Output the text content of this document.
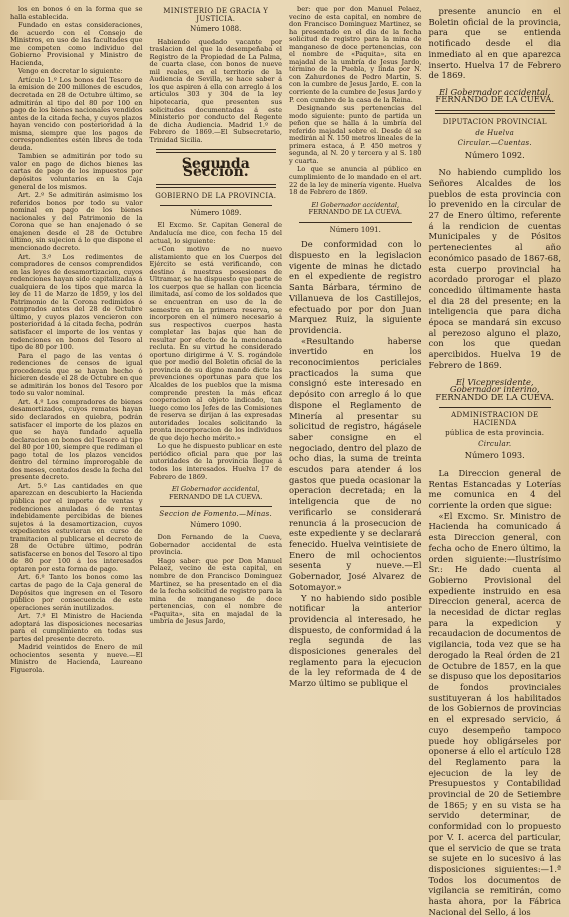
los en bonos ó en la forma que se halla establecida.

Fundado en estas consideraciones, de acuerdo con el Consejo de Ministros, en uso de las facultades que me competen como individuo del Gobierno Provisional y Ministro de Hacienda,

Vengo en decretar lo siguiente:

Artículo 1.º Los bonos del Tesoro de la emision de 200 millones de escudos, decretada en 28 de Octubre último, se admitirán al tipo del 80 por 100 en pago de los bienes nacionales vendidos antes de la citada fecha, y cuyos plazos hayan vencido con posterioridad á la misma, siempre que los pagos de correspondientes estén libres de toda deuda.

Tambien se admitirán por todo su valor en pago de dichos bienes las cartas de pago de los impuestos por depósitos voluntarios en la Caja general de los mismos.

Art. 2.º Se admitirán asimismo los referidos bonos por todo su valor nominal en pago de los bienes nacionales y del Patrimonio de la Corona que se han enajenado ó se enajenen desde el 28 de Octubre último, sin sujecion á lo que dispone el mencionado decreto.

Art. 3.º Los redimentes de compradores de censos comprendidos en las leyes de desamortizacion, cuyos redenciones hayan sido capitalizadas á cualquiera de los tipos que marca la ley de 11 de Marzo de 1859, y los del Patrimonio de la Corona redimidos ó comprados antes del 28 de Octubre último, y cuyos plazos vencieron con posterioridad á la citada fecha, podrán satisfacer el importe de los ventas y redenciones en bonos del Tesoro al tipo de 80 por 100.

Para el pago de las ventas ó redenciones de censos de igual procedencia que se hayan hecho ó hicieren desde el 28 de Octubre en que se admitirán los bonos del Tesoro por todo su valor nominal.

Art. 4.º Los compradores de bienes desamortizados, cuyos remates hayan sido declarados en quiebra, podrán satisfacer el importe de los plazos en que se haya fundado aquella declaracion en bonos del Tesoro al tipo del 80 por 100, siempre que rediman el pago total de los plazos vencidos dentro del término improrogable de dos meses, contados desde la fecha del presente decreto.

Art. 5.º Las cantidades en que aparezcan en descubierto la Hacienda pública por el importe de ventas y redenciones anuladas ó de rentas indebidamente percibidas de bienes sujetos á la desamortizacion, cuyos expedientes estuvieran en curso de tramitacion al publicarse el decreto de 28 de Octubre último, podrán satisfacerse en bonos del Tesoro al tipo de 80 por 100 á los interesados optaren por esta forma de pago.

Art. 6.º Tanto los bonos como las cartas de pago de la Caja general de Depósitos que ingresen en el Tesoro público por consecuencia de este operaciones serán inutilizados.

Art. 7.º El Ministro de Hacienda adoptará las disposiciones necesarias para el cumplimiento en todas sus partes del presente decreto.

Madrid veintidos de Enero de mil ochocientos sesenta y nueve.—El Ministro de Hacienda, Laureano Figuerola.

MINISTERIO DE GRACIA Y JUSTICIA.
Número 1088.

Habiendo quedado vacante por traslacion del que la desempeñaba el Registro de la Propiedad de La Palma, de cuarta clase, con bonos de nueve mil reales, en el territorio de la Audiencia de Sevilla, se hace saber á los que aspiren á ella con arreglo á los artículos 303 y 304 de la ley hipotecaria, que presenten sus solicitudes documentadas á este Ministerio por conducto del Regente de dicha Audiencia. Madrid 1.º de Febrero de 1869.—El Subsecretario, Trinidad Sicilia.

Segunda Seccion.
GOBIERNO DE LA PROVINCIA.
Número 1089.

El Excmo. Sr. Capitan General de Andalucía me dice, con fecha 15 del actual, lo siguiente:

«Con motivo de no nuevo alistamiento que en los Cuerpos del Ejército se está verificando, con destino á nuestras posesiones de Ultramar, se ha dispuesto que parte de los cuerpos que se hallan con licencia ilimitada, así como de los soldados que se encuentran en uso de la de semestre en la primera reserva, se incorporen en el número necesario á sus respectivos cuerpos hasta completar las bajas que han de resultar por efecto de la mencionada recluta. En su virtud he considerado oportuno dirigirme á V. S. rogándole que por medio del Boletin oficial de la provincia de su digno mando dicte las prevenciones oportunas para que los Alcaldes de los pueblos que la misma comprende presten la más eficaz cooperacion al objeto indicado, tan luego como los Jefes de las Comisiones de reserva se dirijan á las expresadas autoridades locales solicitando la pronta incorporacion de los individuos de que dejo hecho mérito.»

Lo que he dispuesto publicar en este periódico oficial para que por las autoridades de la provincia llegue á todos los interesados. Huelva 17 de Febrero de 1869.

El Gobernador accidental,
FERNANDO DE LA CUEVA.
Seccion de Fomento.—Minas.
Número 1090.

Don Fernando de la Cueva, Gobernador accidental de esta provincia.

Hago saber: que por Don Manuel Pelaez, vecino de esta capital, en nombre de don Francisco Dominguez Martinez, se ha presentado en el dia de la fecha solicitud de registro para la mina de manganeso de doce pertenencias, con el nombre de «Paquita», sita en majadal de la umbría de Jesus Jardo,

ber: que por don Manuel Pelaez, vecino de esta capital, en nombre de don Francisco Dominguez Martinez, se ha presentado en el dia de la fecha solicitud de registro para la mina de manganeso de doce pertenencias, con el nombre de «Paquita», sita en majadal de la umbría de Jesus Jardo, término de la Puebla, y linda por N. con Zahurdones de Pedro Martin, S. con la cumbre de Jesus Jardo, E. con la corriente de la cumbre de Jesus Jardo y P. con cumbre de la casa de la Reina.

Designando sus pertenencias del modo siguiente: punto de partida un peñon que se halla á la umbría del referido majadal sobre el. Desde él se medirán al N. 150 metros lineales de la primera estaca, á P. 450 metros y segunda, al N. 20 y tercera y al S. 180 y cuarta.

Lo que se anuncia al público en cumplimiento de lo mandado en el art. 22 de la ley de minería vigente. Huelva 18 de Febrero de 1869.

El Gobernador accidental,
FERNANDO DE LA CUEVA.
Número 1091.

De conformidad con lo dispuesto en la legislacion vigente de minas he dictado en el expediente de registro Santa Bárbara, término de Villanueva de los Castillejos, efectuado por por don Juan Marquez Ruiz, la siguiente providencia.

«Resultando haberse invertido en los reconocimientos periciales practicados la suma que consignó este interesado en depósito con arreglo á lo que dispone el Reglamento de Minería al presentar su solicitud de registro, hágásele saber consigne en el negociado, dentro del plazo de ocho dias, la suma de treinta escudos para atender á los gastos que pueda ocasionar la operacion decretada; en la inteligencia que de no verificarlo se considerará renuncia á la prosecucion de este expediente y se declarará fenecido. Huelva veintisiete de Enero de mil ochocientos sesenta y nueve.—El Gobernador, José Alvarez de Sotomayor.»

Y no habiendo sido posible notificar la anterior providencia al interesado, he dispuesto, de conformidad á la regla segunda de las disposiciones generales del reglamento para la ejecucion de la ley reformada de 4 de Marzo último se publique el

presente anuncio en el Boletin oficial de la provincia, para que se entienda notificado desde el dia inmediato al en que aparezca inserto. Huelva 17 de Febrero de 1869.

El Gobernador accidental,
FERNANDO DE LA CUEVA.
DIPUTACION PROVINCIAL
de Huelva
Circular.—Cuentas.
Número 1092.

No habiendo cumplido los Señores Alcaldes de los pueblos de esta provincia con lo prevenido en la circular de 27 de Enero último, referente á la rendicion de cuentas Municipales y de Pósitos pertenecientes al año económico pasado de 1867-68, esta cuerpo provincial ha acordado prorogar el plazo concedido últimamente hasta el dia 28 del presente; en la inteligencia que para dicha época se mandará sin excuso al perezoso alguno el plazo, con los que quedan apercibidos. Huelva 19 de Febrero de 1869.

El Vicepresidente,
Gobernador interino,
FERNANDO DE LA CUEVA.
ADMINISTRACION DE HACIENDA
pública de esta provincia.
Circular.
Número 1093.

La Direccion general de Rentas Estancadas y Loterías me comunica en 4 del corriente la orden que sigue:

«El Excmo. Sr. Ministro de Hacienda ha comunicado á esta Direccion general, con fecha ocho de Enero último, la orden siguiente:—Ilustrísimo Sr.: He dado cuenta al Gobierno Provisional del expediente instruido en esa Direccion general, acerca de la necesidad de dictar reglas para la expedicion y recaudacion de documentos de vigilancia, toda vez que se ha derogado la Real órden de 21 de Octubre de 1857, en la que se dispuso que los depositarios de fondos provinciales sustituyeran á los habilitados de los Gobiernos de provincias en el expresado servicio, á cuyo desempeño tampoco puede hoy obligárseles por oponerse á ello el artículo 128 del Reglamento para la ejecucion de la ley de Presupuestos y Contabilidad provincial de 20 de Setiembre de 1865; y en su vista se ha servido determinar, de conformidad con lo propuesto por V. I. acerca del particular, que el servicio de que se trata se sujete en lo sucesivo á las disposiciones siguientes:—1.ª Todos los documentos de vigilancia se remitirán, como hasta ahora, por la Fábrica Nacional del Sello, á los
